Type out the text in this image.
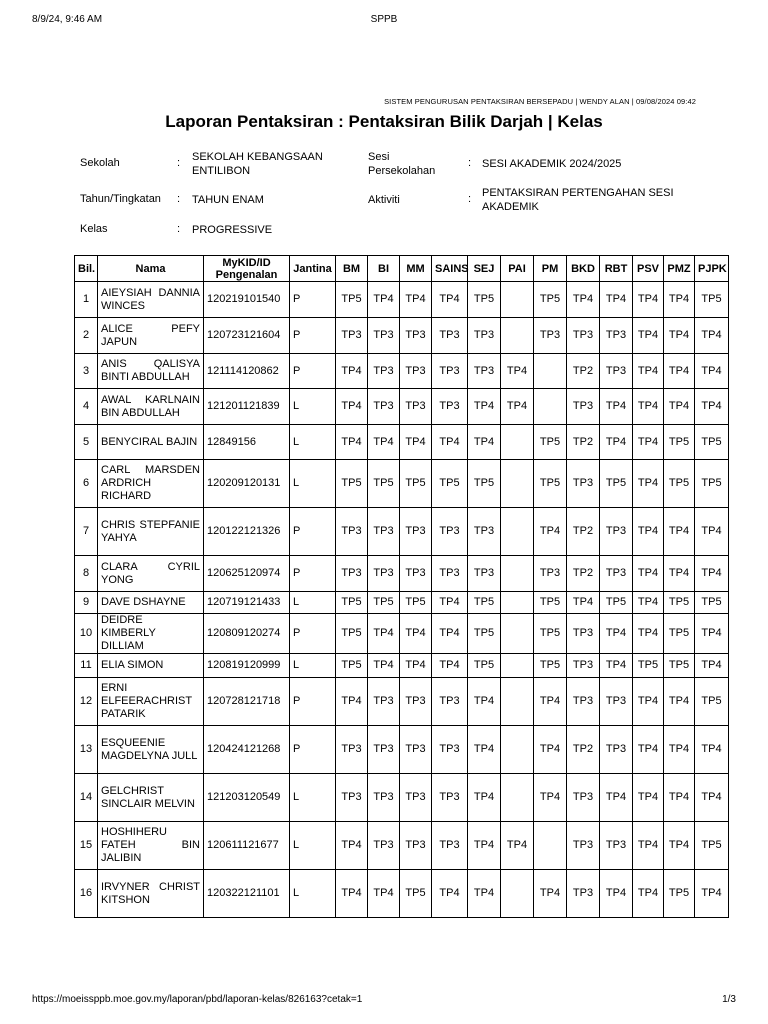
8/9/24, 9:46 AM	SPPB
SISTEM PENGURUSAN PENTAKSIRAN BERSEPADU | WENDY ALAN | 09/08/2024 09:42
Laporan Pentaksiran : Pentaksiran Bilik Darjah | Kelas
Sekolah	: SEKOLAH KEBANGSAAN ENTILIBON
Sesi Persekolahan
: SESI AKADEMIK 2024/2025
Tahun/Tingkatan : TAHUN ENAM	Aktiviti	: PENTAKSIRAN PERTENGAHAN SESI AKADEMIK
Kelas	: PROGRESSIVE
Bil.	Nama	MyKID/ID Pengenalan	Jantina	BM	BI	MM	SAINS	SEJ	PAI	PM	BKD	RBT	PSV	PMZ	PJPK
1	AIEYSIAH DANNIA WINCES	120219101540	P	TP5	TP4	TP4	TP4	TP5		TP5	TP4	TP4	TP4	TP4	TP5
2	ALICE PEFY JAPUN	120723121604	P	TP3	TP3	TP3	TP3	TP3		TP3	TP3	TP3	TP4	TP4	TP4
3	ANIS QALISYA BINTI ABDULLAH	121114120862	P	TP4	TP3	TP3	TP3	TP3	TP4		TP2	TP3	TP4	TP4	TP4
4	AWAL KARLNAIN BIN ABDULLAH	121201121839	L	TP4	TP3	TP3	TP3	TP4	TP4		TP3	TP4	TP4	TP4	TP4
5	BENYCIRAL BAJIN	12849156	L	TP4	TP4	TP4	TP4	TP4		TP5	TP2	TP4	TP4	TP5	TP5
6	CARL MARSDEN ARDRICH RICHARD	120209120131	L	TP5	TP5	TP5	TP5	TP5		TP5	TP3	TP5	TP4	TP5	TP5
7	CHRIS STEPFANIE YAHYA	120122121326	P	TP3	TP3	TP3	TP3	TP3		TP4	TP2	TP3	TP4	TP4	TP4
8	CLARA CYRIL YONG	120625120974	P	TP3	TP3	TP3	TP3	TP3		TP3	TP2	TP3	TP4	TP4	TP4
9	DAVE DSHAYNE	120719121433	L	TP5	TP5	TP5	TP4	TP5		TP5	TP4	TP5	TP4	TP5	TP5
10	DEIDRE KIMBERLY DILLIAM	120809120274	P	TP5	TP4	TP4	TP4	TP5		TP5	TP3	TP4	TP4	TP5	TP4
11	ELIA SIMON	120819120999	L	TP5	TP4	TP4	TP4	TP5		TP5	TP3	TP4	TP5	TP5	TP4
12	ERNI ELFEERACHRIST PATARIK	120728121718	P	TP4	TP3	TP3	TP3	TP4		TP4	TP3	TP3	TP4	TP4	TP5
13	ESQUEENIE MAGDELYNA JULL	120424121268	P	TP3	TP3	TP3	TP3	TP4		TP4	TP2	TP3	TP4	TP4	TP4
14	GELCHRIST SINCLAIR MELVIN	121203120549	L	TP3	TP3	TP3	TP3	TP4		TP4	TP3	TP4	TP4	TP4	TP4
15	HOSHIHERU FATEH BIN JALIBIN	120611121677	L	TP4	TP3	TP3	TP3	TP4	TP4		TP3	TP3	TP4	TP4	TP5
16	IRVYNER CHRIST KITSHON	120322121101	L	TP4	TP4	TP5	TP4	TP4		TP4	TP3	TP4	TP4	TP5	TP4
https://moeissppb.moe.gov.my/laporan/pbd/laporan-kelas/826163?cetak=1	1/3
